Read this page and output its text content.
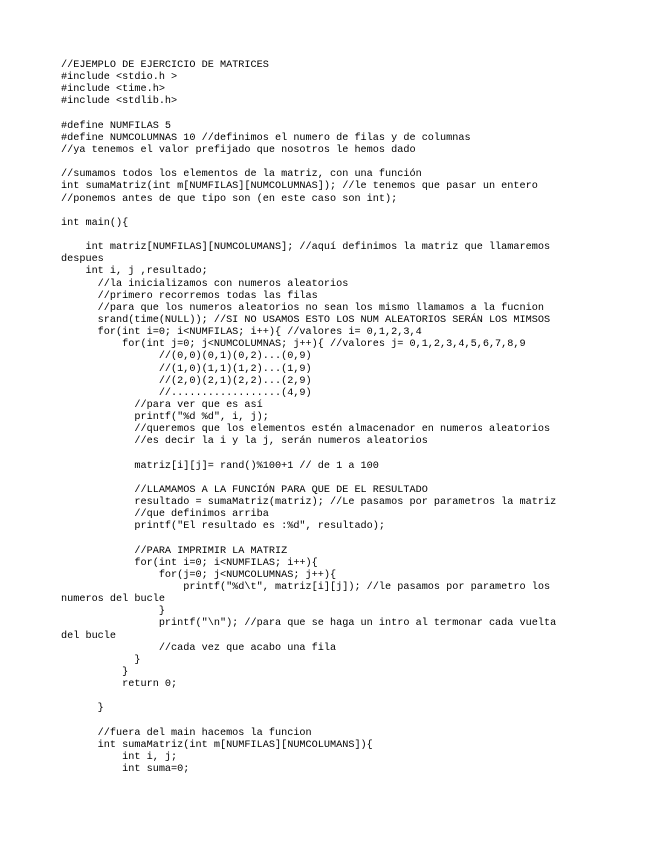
//EJEMPLO DE EJERCICIO DE MATRICES
#include <stdio.h >
#include <time.h>
#include <stdlib.h>
#define NUMFILAS 5
#define NUMCOLUMNAS 10 //definimos el numero de filas y de columnas
//ya tenemos el valor prefijado que nosotros le hemos dado
//sumamos todos los elementos de la matriz, con una función
int sumaMatriz(int m[NUMFILAS][NUMCOLUMNAS]); //le tenemos que pasar un entero
//ponemos antes de que tipo son (en este caso son int);
int main(){
int matriz[NUMFILAS][NUMCOLUMANS]; //aquí definimos la matriz que llamaremos
despues
int i, j ,resultado;
//la inicializamos con numeros aleatorios
//primero recorremos todas las filas
//para que los numeros aleatorios no sean los mismo llamamos a la fucnion
srand(time(NULL)); //SI NO USAMOS ESTO LOS NUM ALEATORIOS SERÁN LOS MIMSOS
for(int i=0; i<NUMFILAS; i++){ //valores i= 0,1,2,3,4
for(int j=0; j<NUMCOLUMNAS; j++){ //valores j= 0,1,2,3,4,5,6,7,8,9
//(0,0)(0,1)(0,2)...(0,9)
//(1,0)(1,1)(1,2)...(1,9)
//(2,0)(2,1)(2,2)...(2,9)
//..................(4,9)
//para ver que es así
printf("%d %d", i, j);
//queremos que los elementos estén almacenador en numeros aleatorios
//es decir la i y la j, serán numeros aleatorios
matriz[i][j]= rand()%100+1 // de 1 a 100
//LLAMAMOS A LA FUNCIÓN PARA QUE DE EL RESULTADO
resultado = sumaMatriz(matriz); //Le pasamos por parametros la matriz
//que definimos arriba
printf("El resultado es :%d", resultado);
//PARA IMPRIMIR LA MATRIZ
for(int i=0; i<NUMFILAS; i++){
for(j=0; j<NUMCOLUMNAS; j++){
printf("%d\t", matriz[i][j]); //le pasamos por parametro los
numeros del bucle
}
printf("\n"); //para que se haga un intro al termonar cada vuelta
del bucle
//cada vez que acabo una fila
}
}
return 0;
}
//fuera del main hacemos la funcion
int sumaMatriz(int m[NUMFILAS][NUMCOLUMANS]){
int i, j;
int suma=0;
